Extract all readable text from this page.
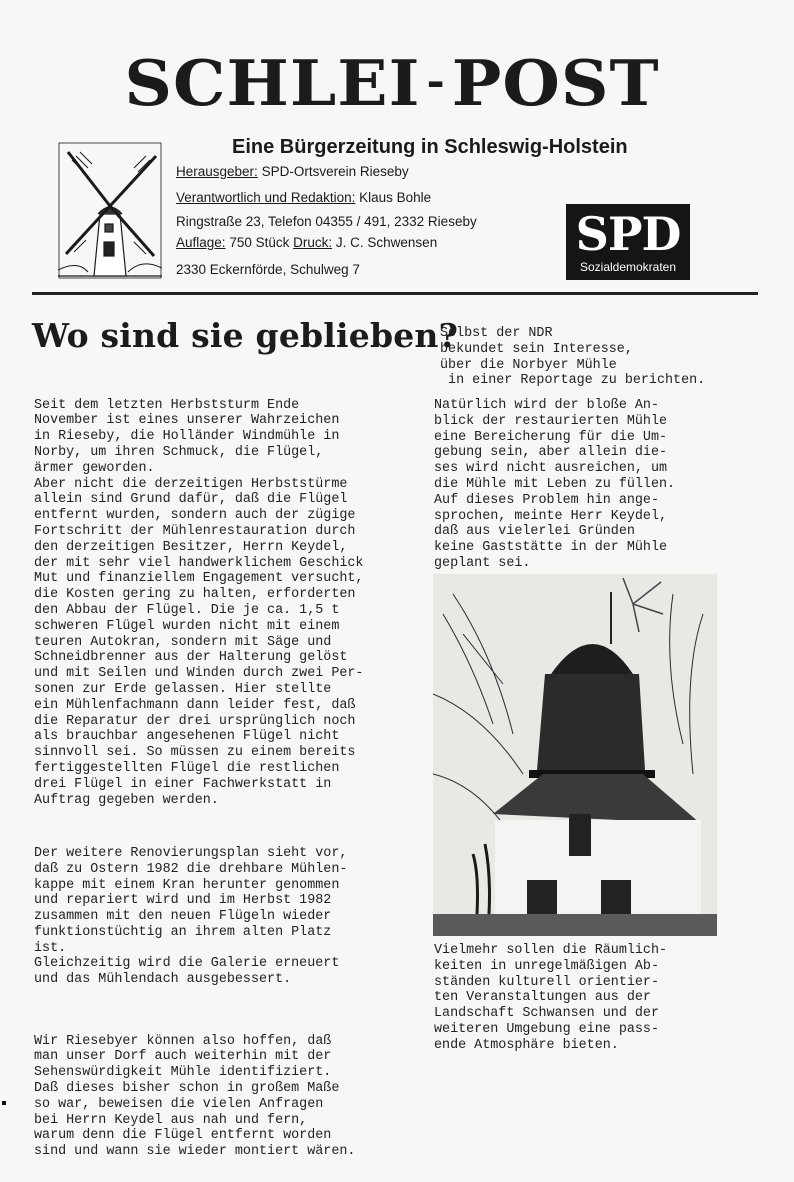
SCHLEI -POST
Eine Bürgerzeitung in Schleswig-Holstein
Herausgeber: SPD-Ortsverein Rieseby
Verantwortlich und Redaktion: Klaus Bohle
Ringstraße 23, Telefon 04355 / 491, 2332 Rieseby
Auflage: 750 Stück Druck: J. C. Schwensen
2330 Eckernförde, Schulweg 7
SPD
Sozialdemokraten
Wo sind sie geblieben?
Selbst der NDR
bekundet sein Interesse,
über die Norbyer Mühle
in einer Reportage zu berichten.

Seit dem letzten Herbststurm Ende
November ist eines unserer Wahrzeichen
in Rieseby, die Holländer Windmühle in
Norby, um ihren Schmuck, die Flügel,
ärmer geworden.
Aber nicht die derzeitigen Herbststürme
allein sind Grund dafür, daß die Flügel
entfernt wurden, sondern auch der zügige
Fortschritt der Mühlenrestauration durch
den derzeitigen Besitzer, Herrn Keydel,
der mit sehr viel handwerklichem Geschick
Mut und finanziellem Engagement versucht,
die Kosten gering zu halten, erforderten
den Abbau der Flügel. Die je ca. 1,5 t
schweren Flügel wurden nicht mit einem
teuren Autokran, sondern mit Säge und
Schneidbrenner aus der Halterung gelöst
und mit Seilen und Winden durch zwei Per-
sonen zur Erde gelassen. Hier stellte
ein Mühlenfachmann dann leider fest, daß
die Reparatur der drei ursprünglich noch
als brauchbar angesehenen Flügel nicht
sinnvoll sei. So müssen zu einem bereits
fertiggestellten Flügel die restlichen
drei Flügel in einer Fachwerkstatt in
Auftrag gegeben werden.

Der weitere Renovierungsplan sieht vor,
daß zu Ostern 1982 die drehbare Mühlen-
kappe mit einem Kran herunter genommen
und repariert wird und im Herbst 1982
zusammen mit den neuen Flügeln wieder
funktionstüchtig an ihrem alten Platz
ist.
Gleichzeitig wird die Galerie erneuert
und das Mühlendach ausgebessert.

Wir Riesebyer können also hoffen, daß
man unser Dorf auch weiterhin mit der
Sehenswürdigkeit Mühle identifiziert.
Daß dieses bisher schon in großem Maße
so war, beweisen die vielen Anfragen
bei Herrn Keydel aus nah und fern,
warum denn die Flügel entfernt worden
sind und wann sie wieder montiert wären.

Natürlich wird der bloße An-
blick der restaurierten Mühle
eine Bereicherung für die Um-
gebung sein, aber allein die-
ses wird nicht ausreichen, um
die Mühle mit Leben zu füllen.
Auf dieses Problem hin ange-
sprochen, meinte Herr Keydel,
daß aus vielerlei Gründen
keine Gaststätte in der Mühle
geplant sei.
Vielmehr sollen die Räumlich-
keiten in unregelmäßigen Ab-
ständen kulturell orientier-
ten Veranstaltungen aus der
Landschaft Schwansen und der
weiteren Umgebung eine pass-
ende Atmosphäre bieten.
